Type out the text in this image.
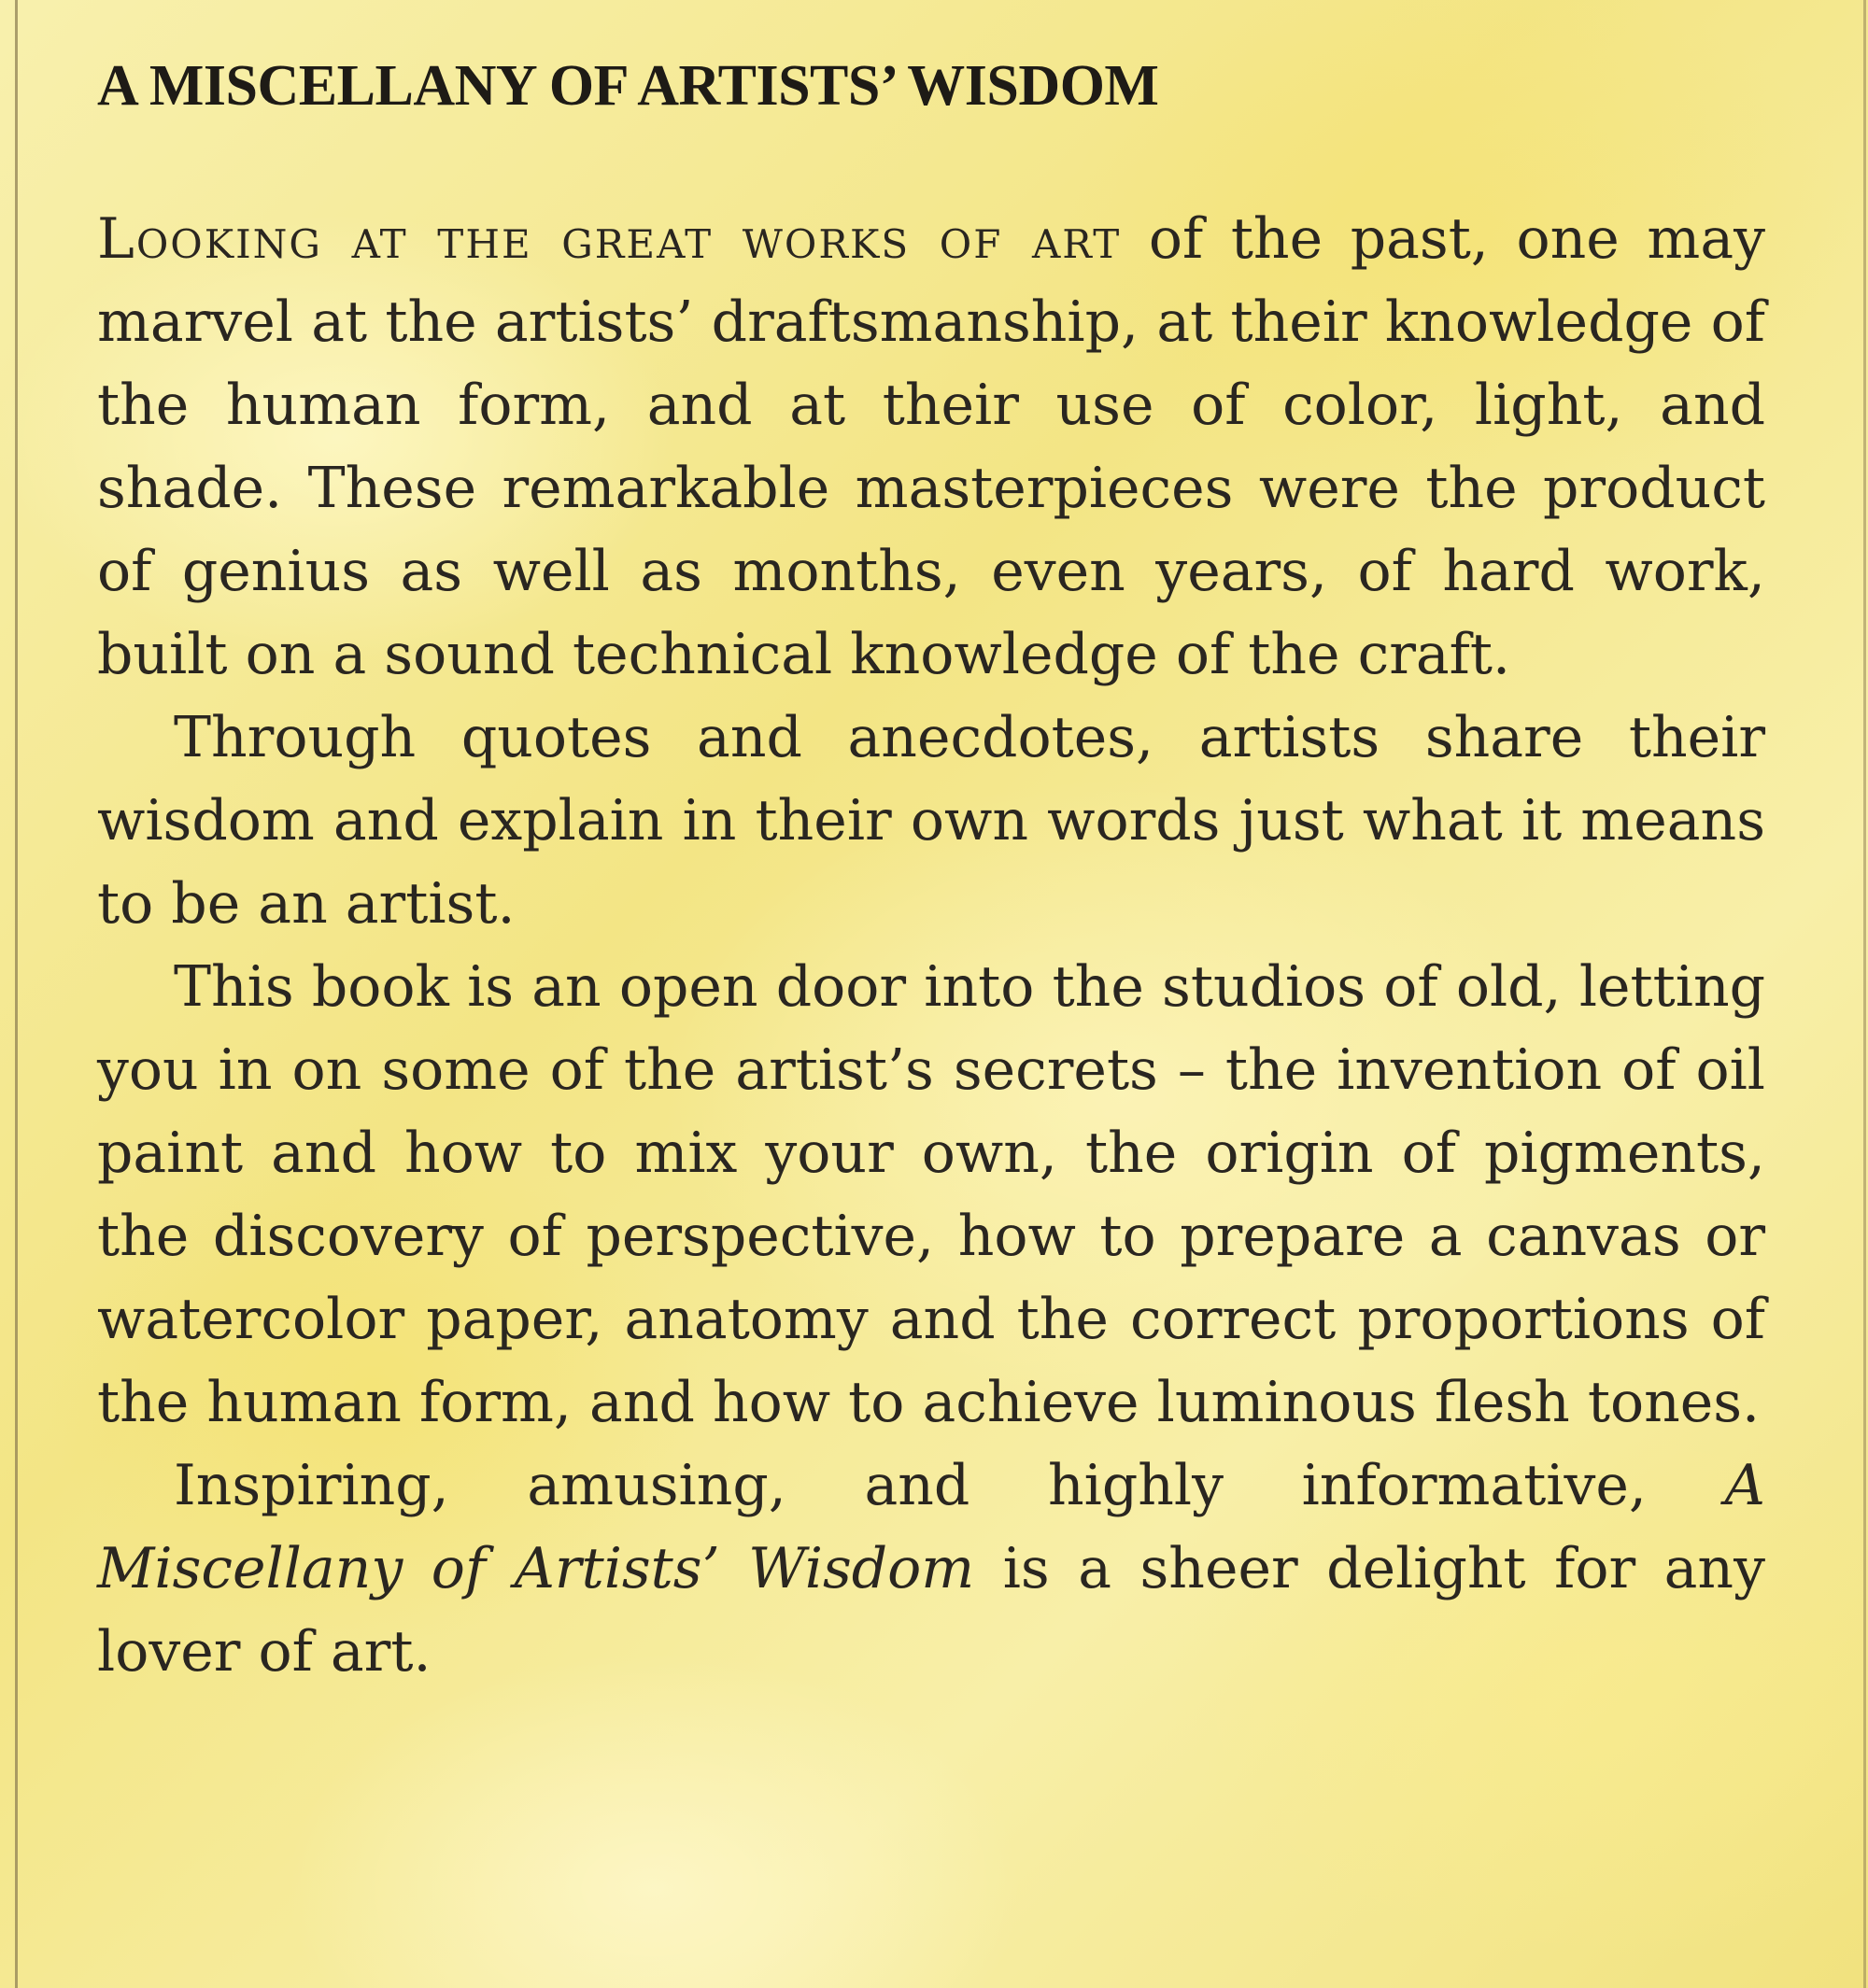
A MISCELLANY OF ARTISTS’ WISDOM

Looking at the great works of art of the past, one may marvel at the artists’ draftsmanship, at their knowledge of the human form, and at their use of color, light, and shade. These remarkable masterpieces were the product of genius as well as months, even years, of hard work, built on a sound technical knowledge of the craft.

Through quotes and anecdotes, artists share their wisdom and explain in their own words just what it means to be an artist.

This book is an open door into the studios of old, letting you in on some of the artist’s secrets – the invention of oil paint and how to mix your own, the origin of pigments, the discovery of perspective, how to prepare a canvas or watercolor paper, anatomy and the correct proportions of the human form, and how to achieve luminous flesh tones.

Inspiring, amusing, and highly informative, A Miscellany of Artists’ Wisdom is a sheer delight for any lover of art.
